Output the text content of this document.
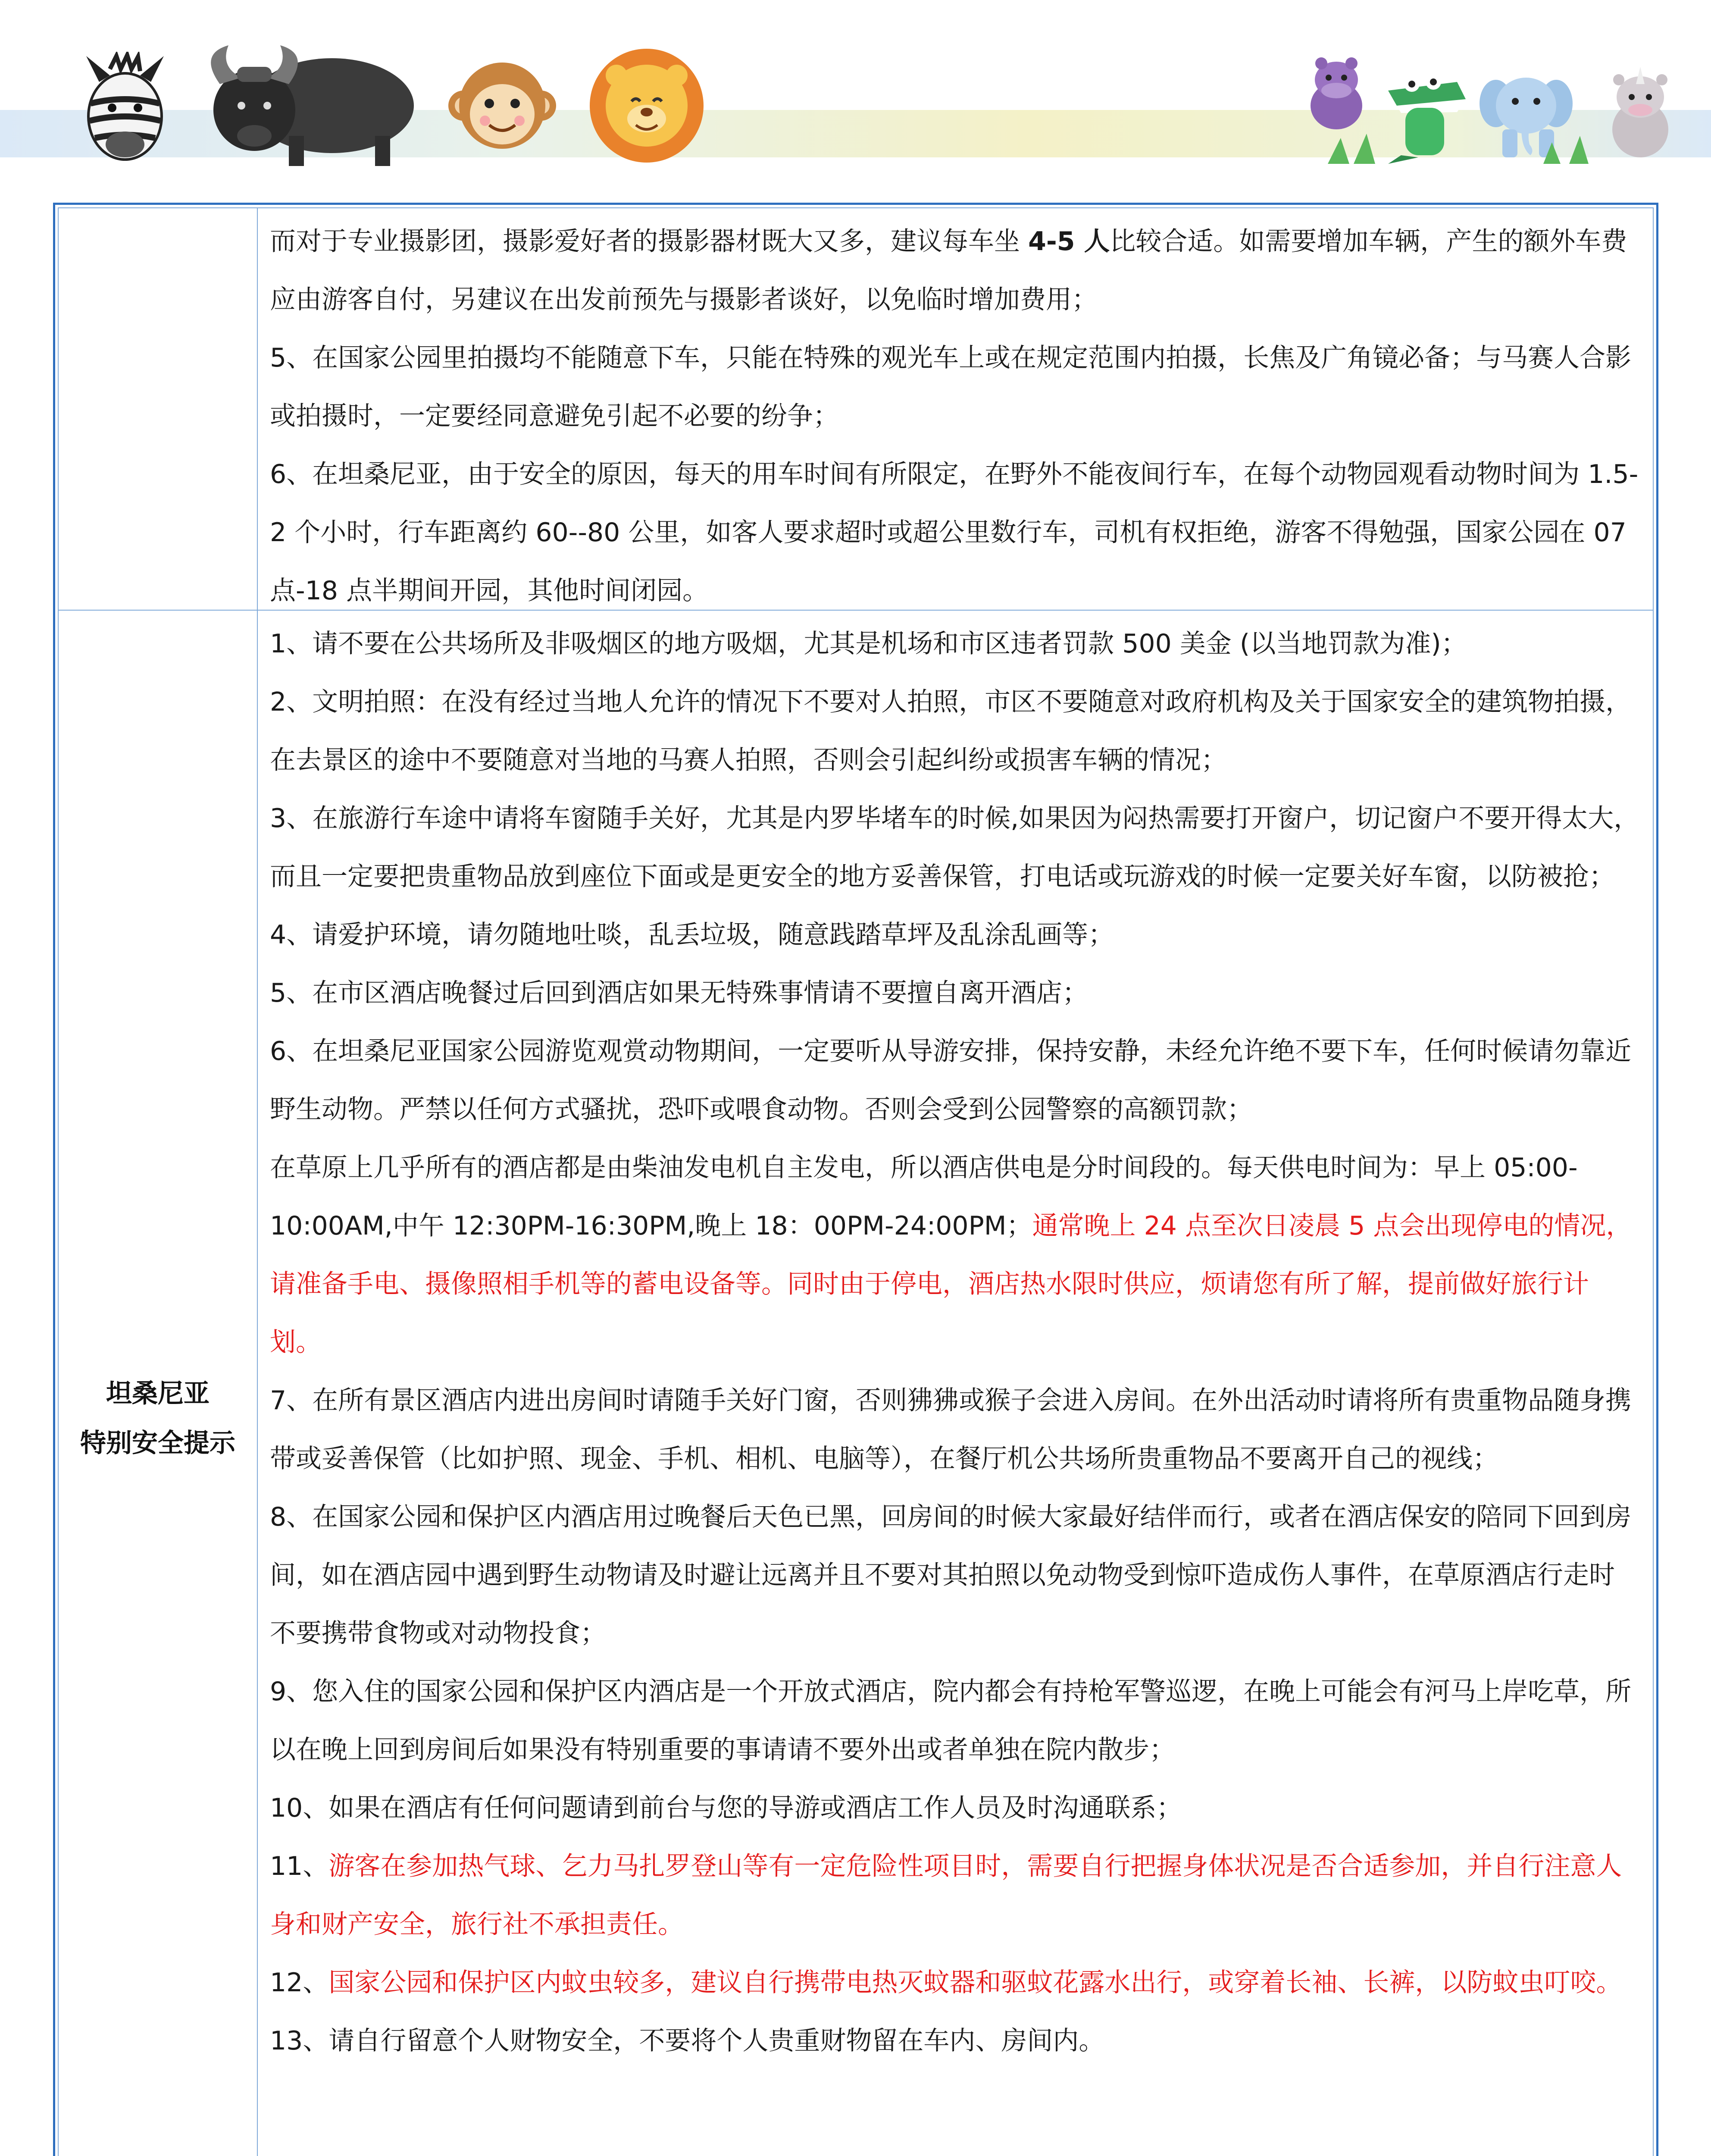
而对于专业摄影团，摄影爱好者的摄影器材既大又多，建议每车坐 4-5 人比较合适。如需要增加车辆，产生的额外车费应由游客自付，另建议在出发前预先与摄影者谈好，以免临时增加费用；

5、在国家公园里拍摄均不能随意下车，只能在特殊的观光车上或在规定范围内拍摄，长焦及广角镜必备；与马赛人合影或拍摄时，一定要经同意避免引起不必要的纷争；

6、在坦桑尼亚，由于安全的原因，每天的用车时间有所限定，在野外不能夜间行车，在每个动物园观看动物时间为 1.5-2 个小时，行车距离约 60--80 公里，如客人要求超时或超公里数行车，司机有权拒绝，游客不得勉强，国家公园在 07 点-18 点半期间开园，其他时间闭园。

坦桑尼亚
特别安全提示

1、请不要在公共场所及非吸烟区的地方吸烟，尤其是机场和市区违者罚款 500 美金 (以当地罚款为准)；

2、文明拍照：在没有经过当地人允许的情况下不要对人拍照，市区不要随意对政府机构及关于国家安全的建筑物拍摄，在去景区的途中不要随意对当地的马赛人拍照，否则会引起纠纷或损害车辆的情况；

3、在旅游行车途中请将车窗随手关好，尤其是内罗毕堵车的时候,如果因为闷热需要打开窗户，切记窗户不要开得太大，而且一定要把贵重物品放到座位下面或是更安全的地方妥善保管，打电话或玩游戏的时候一定要关好车窗，以防被抢；

4、请爱护环境，请勿随地吐啖，乱丢垃圾，随意践踏草坪及乱涂乱画等；

5、在市区酒店晚餐过后回到酒店如果无特殊事情请不要擅自离开酒店；

6、在坦桑尼亚国家公园游览观赏动物期间，一定要听从导游安排，保持安静，未经允许绝不要下车，任何时候请勿靠近野生动物。严禁以任何方式骚扰，恐吓或喂食动物。否则会受到公园警察的高额罚款；

在草原上几乎所有的酒店都是由柴油发电机自主发电，所以酒店供电是分时间段的。每天供电时间为：早上 05:00-10:00AM,中午 12:30PM-16:30PM,晚上 18：00PM-24:00PM；通常晚上 24 点至次日凌晨 5 点会出现停电的情况，请准备手电、摄像照相手机等的蓄电设备等。同时由于停电，酒店热水限时供应，烦请您有所了解，提前做好旅行计划。

7、在所有景区酒店内进出房间时请随手关好门窗，否则狒狒或猴子会进入房间。在外出活动时请将所有贵重物品随身携带或妥善保管（比如护照、现金、手机、相机、电脑等），在餐厅机公共场所贵重物品不要离开自己的视线；

8、在国家公园和保护区内酒店用过晚餐后天色已黑，回房间的时候大家最好结伴而行，或者在酒店保安的陪同下回到房间，如在酒店园中遇到野生动物请及时避让远离并且不要对其拍照以免动物受到惊吓造成伤人事件，在草原酒店行走时不要携带食物或对动物投食；

9、您入住的国家公园和保护区内酒店是一个开放式酒店，院内都会有持枪军警巡逻，在晚上可能会有河马上岸吃草，所以在晚上回到房间后如果没有特别重要的事请请不要外出或者单独在院内散步；

10、如果在酒店有任何问题请到前台与您的导游或酒店工作人员及时沟通联系；

11、游客在参加热气球、乞力马扎罗登山等有一定危险性项目时，需要自行把握身体状况是否合适参加，并自行注意人身和财产安全，旅行社不承担责任。

12、国家公园和保护区内蚊虫较多，建议自行携带电热灭蚊器和驱蚊花露水出行，或穿着长袖、长裤，以防蚊虫叮咬。

13、请自行留意个人财物安全，不要将个人贵重财物留在车内、房间内。
